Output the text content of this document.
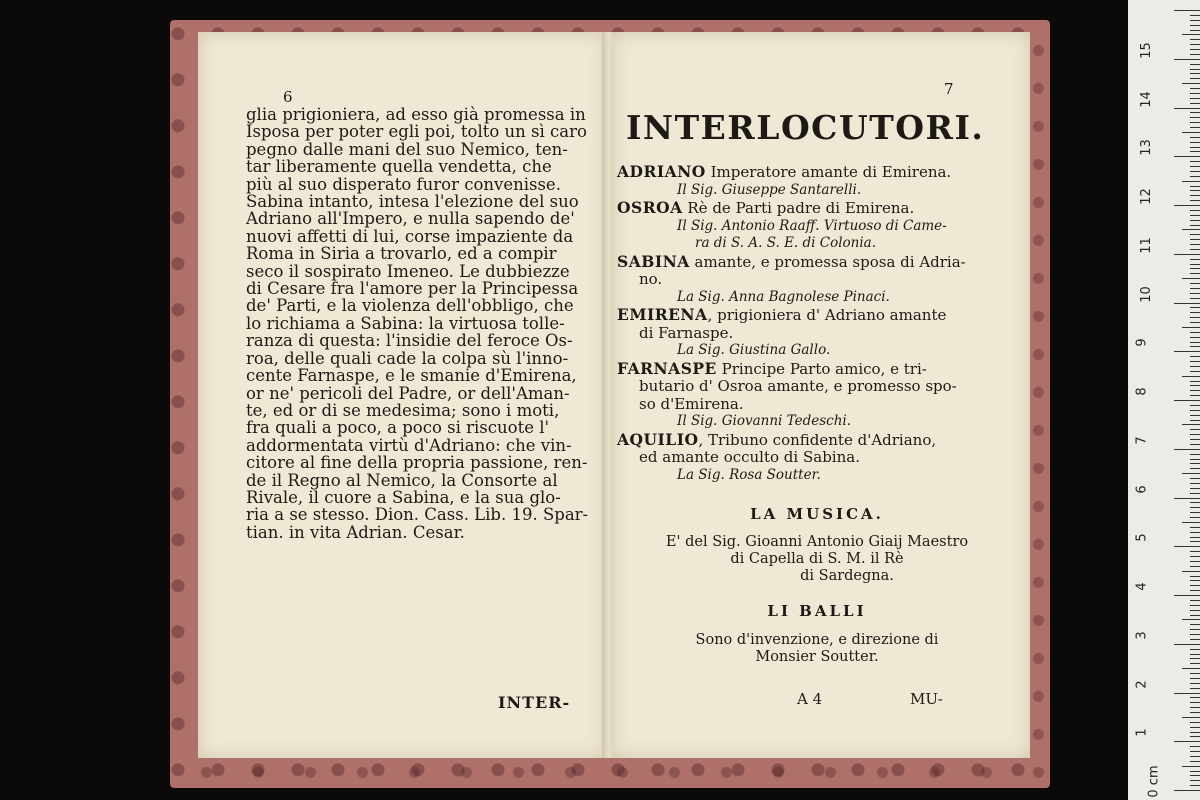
6
glia prigioniera, ad esso già promessa in
Isposa per poter egli poi, tolto un sì caro
pegno dalle mani del suo Nemico, ten-
tar liberamente quella vendetta, che
più al suo disperato furor convenisse.
Sabina intanto, intesa l'elezione del suo
Adriano all'Impero, e nulla sapendo de'
nuovi affetti di lui, corse impaziente da
Roma in Siria a trovarlo, ed a compir
seco il sospirato Imeneo. Le dubbiezze
di Cesare fra l'amore per la Principessa
de' Parti, e la violenza dell'obbligo, che
lo richiama a Sabina: la virtuosa tolle-
ranza di questa: l'insidie del feroce Os-
roa, delle quali cade la colpa sù l'inno-
cente Farnaspe, e le smanie d'Emirena,
or ne' pericoli del Padre, or dell'Aman-
te, ed or di se medesima; sono i moti,
fra quali a poco, a poco si riscuote l'
addormentata virtù d'Adriano: che vin-
citore al fine della propria passione, ren-
de il Regno al Nemico, la Consorte al
Rivale, il cuore a Sabina, e la sua glo-
ria a se stesso. Dion. Cass. Lib. 19. Spar-
tian. in vita Adrian. Cesar.
INTER-
7
INTERLOCUTORI.
ADRIANO Imperatore amante di Emirena.
Il Sig. Giuseppe Santarelli.
OSROA Rè de Parti padre di Emirena.
Il Sig. Antonio Raaff. Virtuoso di Came-
ra di S. A. S. E. di Colonia.
SABINA amante, e promessa sposa di Adria-
no.
La Sig. Anna Bagnolese Pinaci.
EMIRENA, prigioniera d' Adriano amante
di Farnaspe.
La Sig. Giustina Gallo.
FARNASPE Principe Parto amico, e tri-
butario d' Osroa amante, e promesso spo-
so d'Emirena.
Il Sig. Giovanni Tedeschi.
AQUILIO, Tribuno confidente d'Adriano,
ed amante occulto di Sabina.
La Sig. Rosa Soutter.
LA MUSICA.
E' del Sig. Gioanni Antonio Giaij Maestro
di Capella di S. M. il Rè
di Sardegna.
LI BALLI
Sono d'invenzione, e direzione di
Monsier Soutter.
A 4	MU-
0 cm
1
2
3
4
5
6
7
8
9
10
11
12
13
14
15
